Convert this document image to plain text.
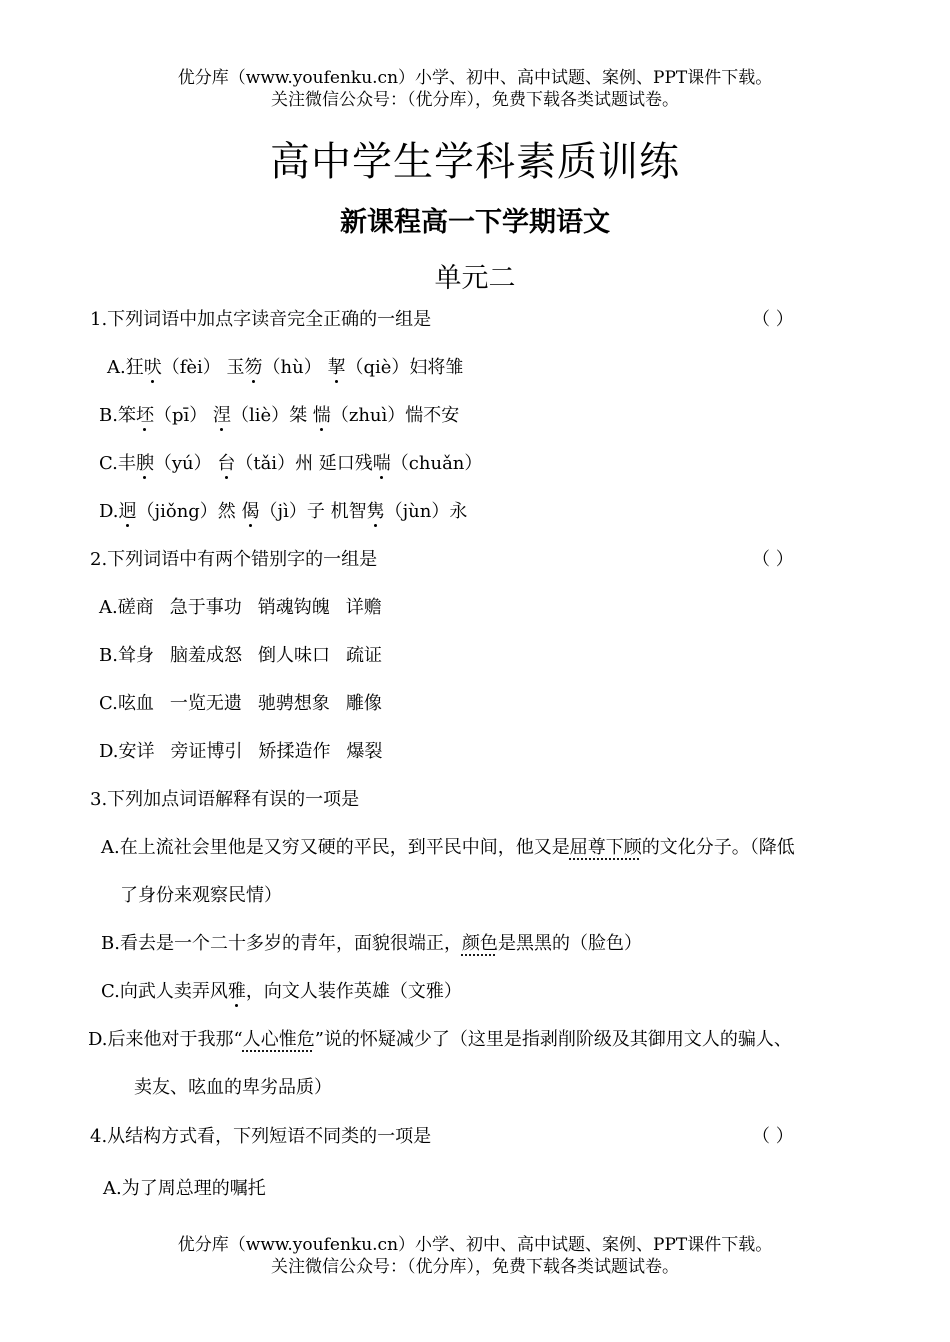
优分库（www.youfenku.cn）小学、初中、高中试题、案例、PPT课件下载。
关注微信公众号：（优分库），免费下载各类试题试卷。
高中学生学科素质训练
新课程高一下学期语文
单元二
1.下列词语中加点字读音完全正确的一组是	（ ）
A.狂吠（fèi） 玉笏（hù） 挈（qiè）妇将雏
B.笨坯（pī） 涅（liè）桀 惴（zhuì）惴不安
C.丰腴（yú） 台（tǎi）州 延口残喘（chuǎn）
D.迥（jiǒng）然 偈（jì）子 机智隽（jùn）永
2.下列词语中有两个错别字的一组是	（ ）
A.磋商 急于事功 销魂钩魄 详赡
B.耸身 脑羞成怒 倒人味口 疏证
C.呟血 一览无遗 驰骋想象 雕像
D.安详 旁证博引 矫揉造作 爆裂
3.下列加点词语解释有误的一项是
A.在上流社会里他是又穷又硬的平民，到平民中间，他又是屈尊下顾的文化分子。（降低
了身份来观察民情）
B.看去是一个二十多岁的青年，面貌很端正，颜色是黑黑的（脸色）
C.向武人卖弄风雅，向文人装作英雄（文雅）
D.后来他对于我那“人心惟危”说的怀疑减少了（这里是指剥削阶级及其御用文人的骗人、
卖友、呟血的卑劣品质）
4.从结构方式看，下列短语不同类的一项是	（ ）
A.为了周总理的嘱托
优分库（www.youfenku.cn）小学、初中、高中试题、案例、PPT课件下载。
关注微信公众号：（优分库），免费下载各类试题试卷。
